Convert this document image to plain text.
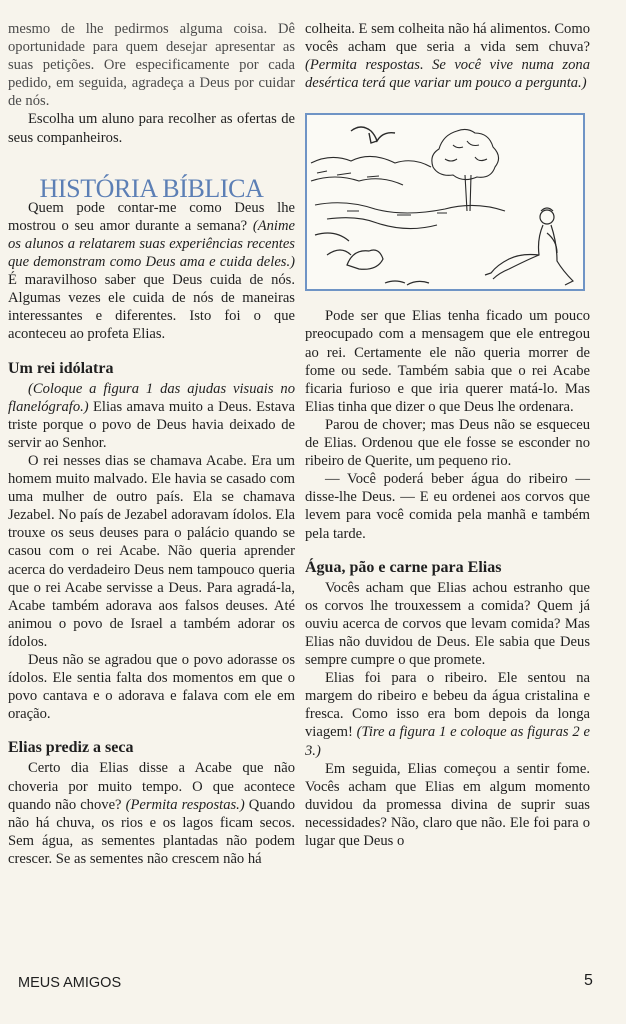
mesmo de lhe pedirmos alguma coisa. Dê oportunidade para quem desejar apresentar as suas petições. Ore especificamente por cada pedido, em seguida, agradeça a Deus por cuidar de nós.

Escolha um aluno para recolher as ofertas de seus companheiros.

HISTÓRIA BÍBLICA

Quem pode contar-me como Deus lhe mostrou o seu amor durante a semana? (Anime os alunos a relatarem suas experiências recentes que demonstram como Deus ama e cuida deles.) É maravilhoso saber que Deus cuida de nós. Algumas vezes ele cuida de nós de maneiras interessantes e diferentes. Isto foi o que aconteceu ao profeta Elias.

Um rei idólatra

(Coloque a figura 1 das ajudas visuais no flanelógrafo.) Elias amava muito a Deus. Estava triste porque o povo de Deus havia deixado de servir ao Senhor.

O rei nesses dias se chamava Acabe. Era um homem muito malvado. Ele havia se casado com uma mulher de outro país. Ela se chamava Jezabel. No país de Jezabel adoravam ídolos. Ela trouxe os seus deuses para o palácio quando se casou com o rei Acabe. Não queria aprender acerca do verdadeiro Deus nem tampouco queria que o rei Acabe servisse a Deus. Para agradá-la, Acabe também adorava aos falsos deuses. Até animou o povo de Israel a também adorar os ídolos.

Deus não se agradou que o povo adorasse os ídolos. Ele sentia falta dos momentos em que o povo cantava e o adorava e falava com ele em oração.

Elias prediz a seca

Certo dia Elias disse a Acabe que não choveria por muito tempo. O que acontece quando não chove? (Permita respostas.) Quando não há chuva, os rios e os lagos ficam secos. Sem água, as sementes plantadas não podem crescer. Se as sementes não crescem não há

colheita. E sem colheita não há alimentos. Como vocês acham que seria a vida sem chuva? (Permita respostas. Se você vive numa zona desértica terá que variar um pouco a pergunta.)

Pode ser que Elias tenha ficado um pouco preocupado com a mensagem que ele entregou ao rei. Certamente ele não queria morrer de fome ou sede. Também sabia que o rei Acabe ficaria furioso e que iria querer matá-lo. Mas Elias tinha que dizer o que Deus lhe ordenara.

Parou de chover; mas Deus não se esqueceu de Elias. Ordenou que ele fosse se esconder no ribeiro de Querite, um pequeno rio.

— Você poderá beber água do ribeiro — disse-lhe Deus. — E eu ordenei aos corvos que levem para você comida pela manhã e também pela tarde.

Água, pão e carne para Elias

Vocês acham que Elias achou estranho que os corvos lhe trouxessem a comida? Quem já ouviu acerca de corvos que levam comida? Mas Elias não duvidou de Deus. Ele sabia que Deus sempre cumpre o que promete.

Elias foi para o ribeiro. Ele sentou na margem do ribeiro e bebeu da água cristalina e fresca. Como isso era bom depois da longa viagem! (Tire a figura 1 e coloque as figuras 2 e 3.)

Em seguida, Elias começou a sentir fome. Vocês acham que Elias em algum momento duvidou da promessa divina de suprir suas necessidades? Não, claro que não. Ele foi para o lugar que Deus o

MEUS AMIGOS	5
